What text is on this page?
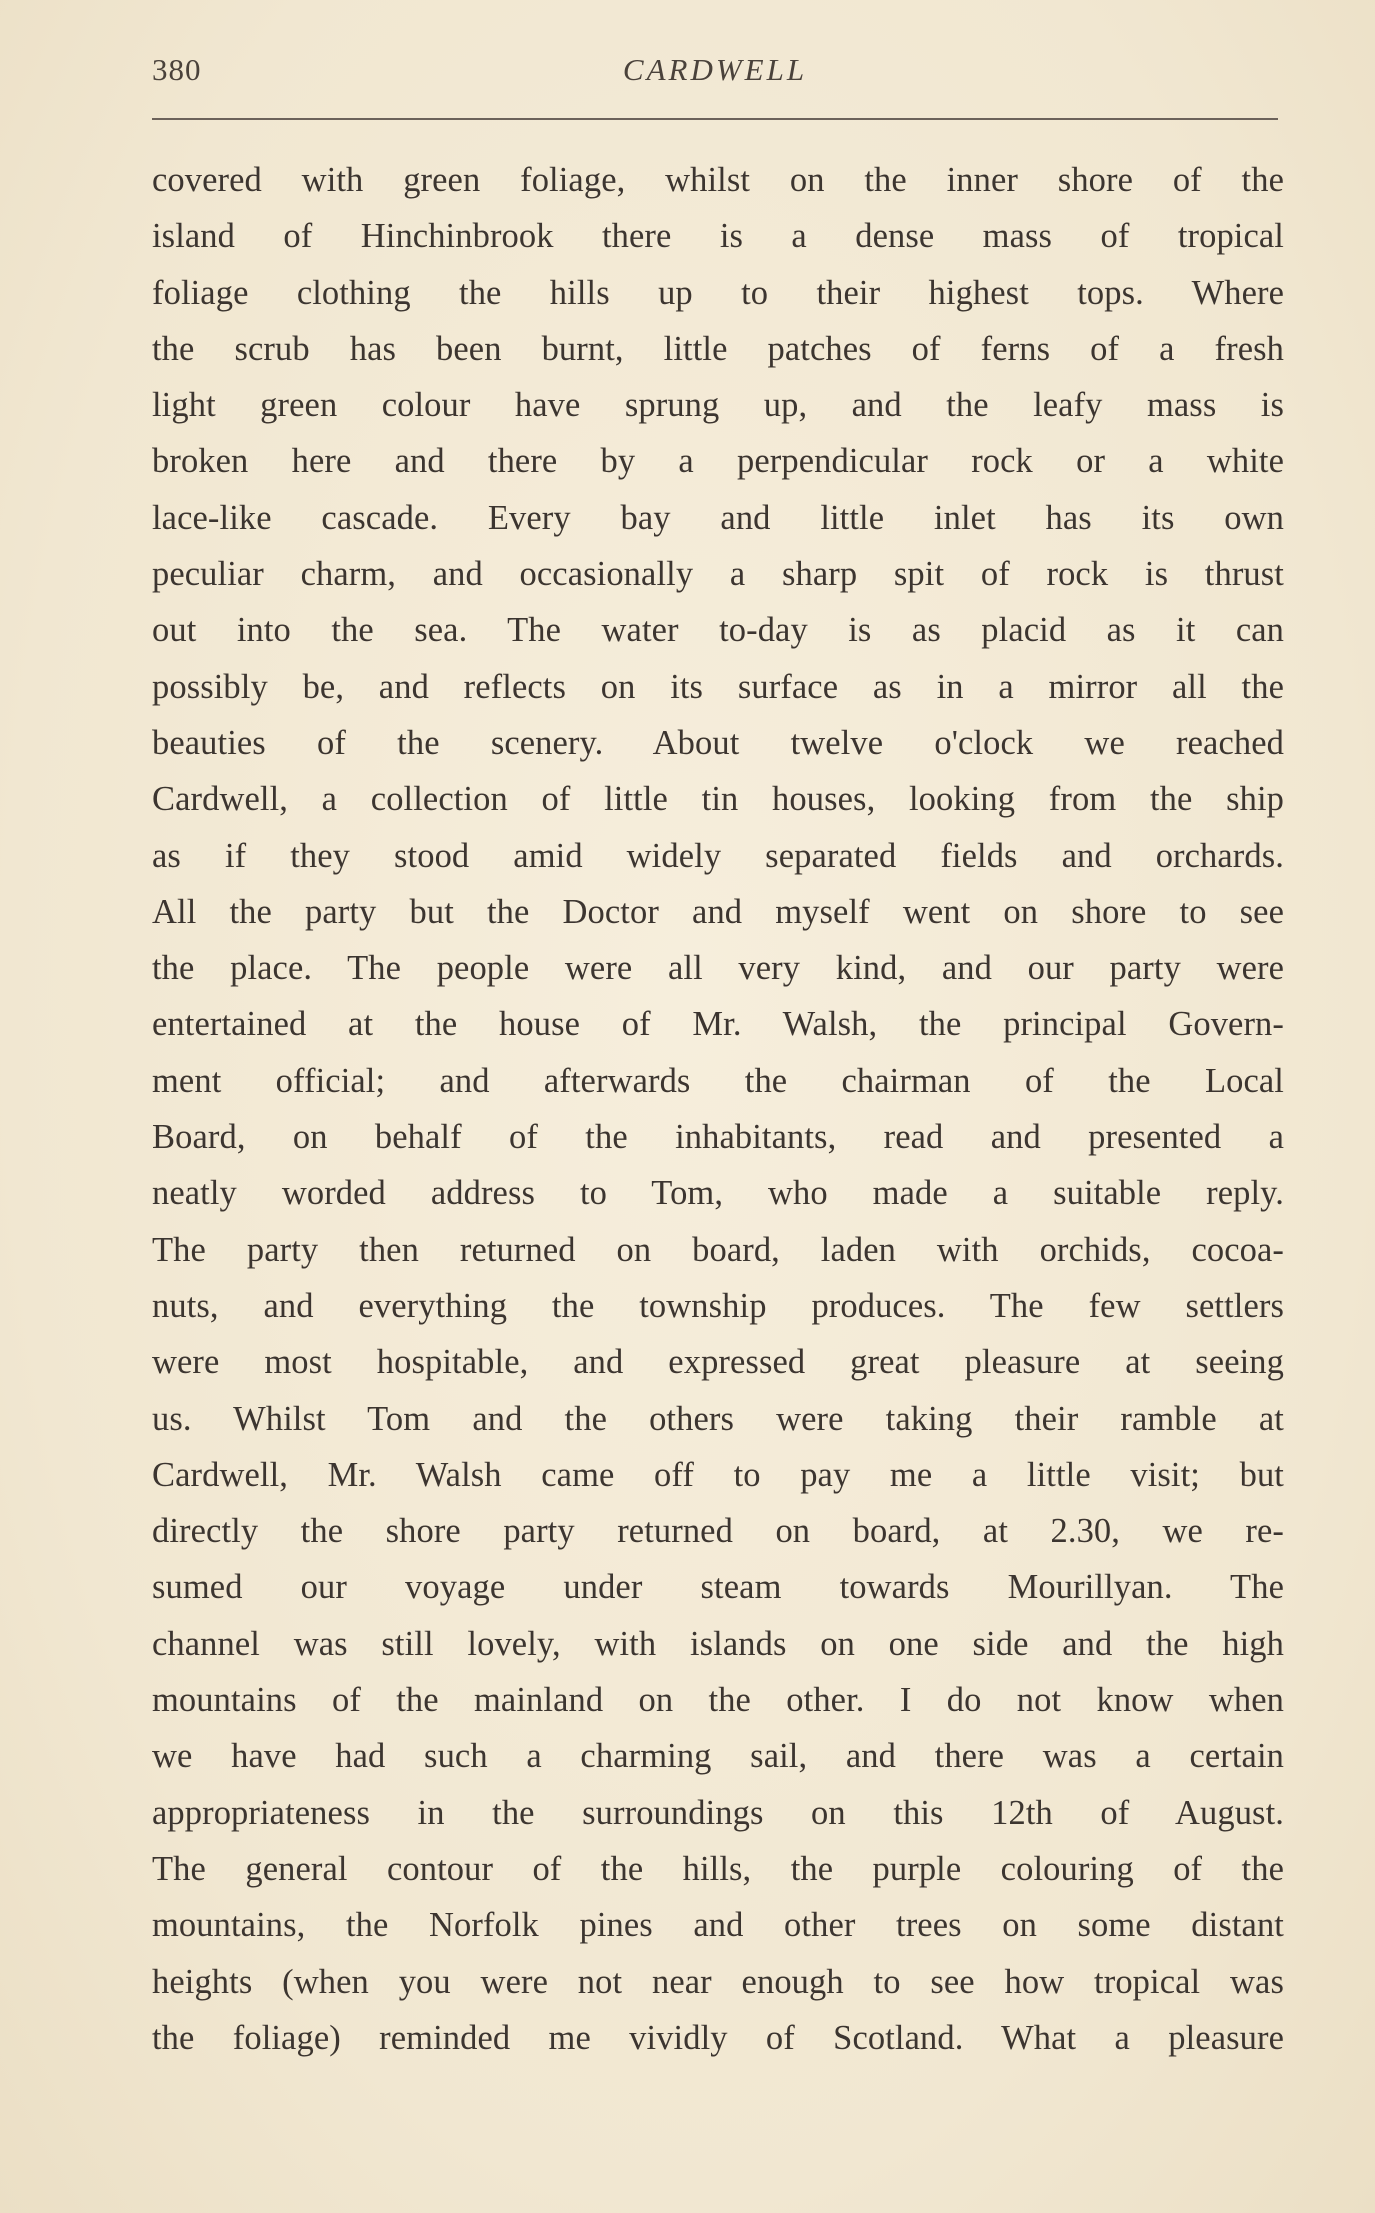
380	CARDWELL
covered with green foliage, whilst on the inner shore of the
island of Hinchinbrook there is a dense mass of tropical
foliage clothing the hills up to their highest tops. Where
the scrub has been burnt, little patches of ferns of a fresh
light green colour have sprung up, and the leafy mass is
broken here and there by a perpendicular rock or a white
lace-like cascade. Every bay and little inlet has its own
peculiar charm, and occasionally a sharp spit of rock is thrust
out into the sea. The water to-day is as placid as it can
possibly be, and reflects on its surface as in a mirror all the
beauties of the scenery. About twelve o'clock we reached
Cardwell, a collection of little tin houses, looking from the ship
as if they stood amid widely separated fields and orchards.
All the party but the Doctor and myself went on shore to see
the place. The people were all very kind, and our party were
entertained at the house of Mr. Walsh, the principal Govern-
ment official; and afterwards the chairman of the Local
Board, on behalf of the inhabitants, read and presented a
neatly worded address to Tom, who made a suitable reply.
The party then returned on board, laden with orchids, cocoa-
nuts, and everything the township produces. The few settlers
were most hospitable, and expressed great pleasure at seeing
us. Whilst Tom and the others were taking their ramble at
Cardwell, Mr. Walsh came off to pay me a little visit; but
directly the shore party returned on board, at 2.30, we re-
sumed our voyage under steam towards Mourillyan. The
channel was still lovely, with islands on one side and the high
mountains of the mainland on the other. I do not know when
we have had such a charming sail, and there was a certain
appropriateness in the surroundings on this 12th of August.
The general contour of the hills, the purple colouring of the
mountains, the Norfolk pines and other trees on some distant
heights (when you were not near enough to see how tropical was
the foliage) reminded me vividly of Scotland. What a pleasure
